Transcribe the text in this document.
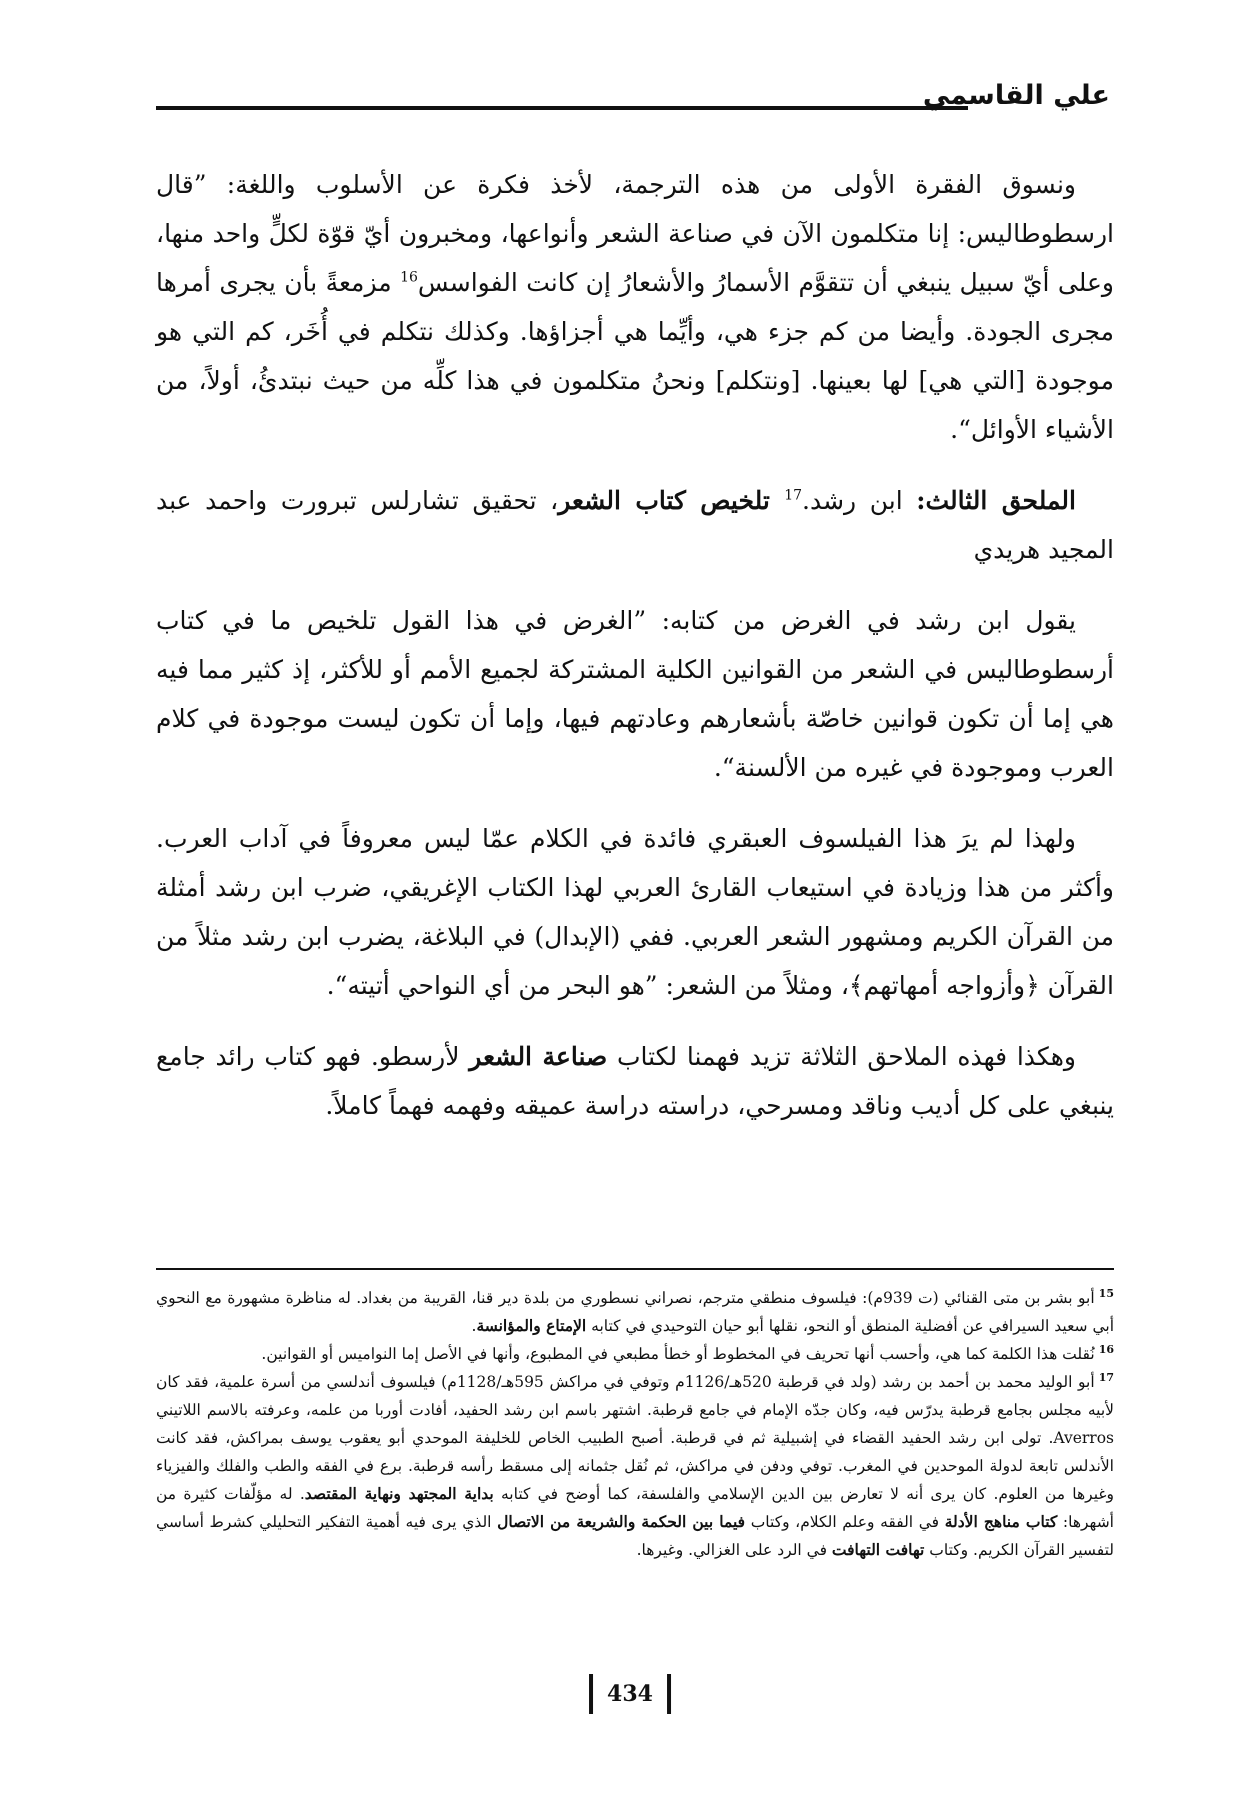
علي القاسمي

ونسوق الفقرة الأولى من هذه الترجمة، لأخذ فكرة عن الأسلوب واللغة: ”قال ارسطوطاليس: إنا متكلمون الآن في صناعة الشعر وأنواعها، ومخبرون أيّ قوّة لكلٍّ واحد منها، وعلى أيّ سبيل ينبغي أن تتقوَّم الأسمارُ والأشعارُ إن كانت الفواسس$^{16}$ مزمعةً بأن يجرى أمرها مجرى الجودة. وأيضا من كم جزء هي، وأيِّما هي أجزاؤها. وكذلك نتكلم في أُخَر، كم التي هو موجودة [التي هي] لها بعينها. [ونتكلم] ونحنُ متكلمون في هذا كلِّه من حيث نبتدئُ، أولاً، من الأشياء الأوائل“.

الملحق الثالث: ابن رشد.$^{17}$ تلخيص كتاب الشعر، تحقيق تشارلس تبرورت واحمد عبد المجيد هريدي

يقول ابن رشد في الغرض من كتابه: ”الغرض في هذا القول تلخيص ما في كتاب أرسطوطاليس في الشعر من القوانين الكلية المشتركة لجميع الأمم أو للأكثر، إذ كثير مما فيه هي إما أن تكون قوانين خاصّة بأشعارهم وعادتهم فيها، وإما أن تكون ليست موجودة في كلام العرب وموجودة في غيره من الألسنة“.

ولهذا لم يرَ هذا الفيلسوف العبقري فائدة في الكلام عمّا ليس معروفاً في آداب العرب. وأكثر من هذا وزيادة في استيعاب القارئ العربي لهذا الكتاب الإغريقي، ضرب ابن رشد أمثلة من القرآن الكريم ومشهور الشعر العربي. ففي (الإبدال) في البلاغة، يضرب ابن رشد مثلاً من القرآن ﴿وأزواجه أمهاتهم﴾، ومثلاً من الشعر: ”هو البحر من أي النواحي أتيته“.

وهكذا فهذه الملاحق الثلاثة تزيد فهمنا لكتاب صناعة الشعر لأرسطو. فهو كتاب رائد جامع ينبغي على كل أديب وناقد ومسرحي، دراسته دراسة عميقه وفهمه فهماً كاملاً.

$^{15}$أبو بشر بن متى القنائي (ت 939م): فيلسوف منطقي مترجم، نصراني نسطوري من بلدة دير قنا، القريبة من بغداد. له مناظرة مشهورة مع النحوي أبي سعيد السيرافي عن أفضلية المنطق أو النحو، نقلها أبو حيان التوحيدي في كتابه الإمتاع والمؤانسة.

$^{16}$نُقلت هذا الكلمة كما هي، وأحسب أنها تحريف في المخطوط أو خطأ مطبعي في المطبوع، وأنها في الأصل إما النواميس أو القوانين.

$^{17}$أبو الوليد محمد بن أحمد بن رشد (ولد في قرطبة 520هـ/1126م وتوفي في مراكش 595هـ/1128م) فيلسوف أندلسي من أسرة علمية، فقد كان لأبيه مجلس بجامع قرطبة يدرّس فيه، وكان جدّه الإمام في جامع قرطبة. اشتهر باسم ابن رشد الحفيد، أفادت أوربا من علمه، وعرفته بالاسم اللاتيني Averros. تولى ابن رشد الحفيد القضاء في إشبيلية ثم في قرطبة. أصبح الطبيب الخاص للخليفة الموحدي أبو يعقوب يوسف بمراكش، فقد كانت الأندلس تابعة لدولة الموحدين في المغرب. توفي ودفن في مراكش، ثم نُقل جثمانه إلى مسقط رأسه قرطبة. برع في الفقه والطب والفلك والفيزياء وغيرها من العلوم. كان يرى أنه لا تعارض بين الدين الإسلامي والفلسفة، كما أوضح في كتابه بداية المجتهد ونهاية المقتصد. له مؤلّفات كثيرة من أشهرها: كتاب مناهج الأدلة في الفقه وعلم الكلام، وكتاب فيما بين الحكمة والشريعة من الاتصال الذي يرى فيه أهمية التفكير التحليلي كشرط أساسي لتفسير القرآن الكريم. وكتاب تهافت التهافت في الرد على الغزالي. وغيرها.

434
